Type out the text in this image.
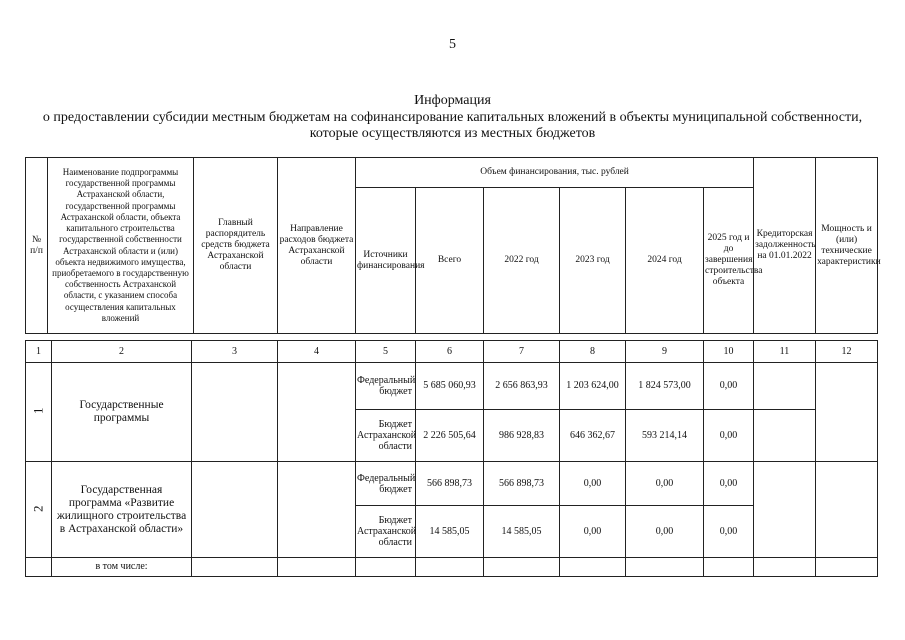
5
Информация
о предоставлении субсидии местным бюджетам на софинансирование капитальных вложений в объекты муниципальной собственности,
которые осуществляются из местных бюджетов
№ п/п	Наименование подпрограммы государственной программы Астраханской области, государственной программы Астраханской области, объекта капитального строительства государственной собственности Астраханской области и (или) объекта недвижимого имущества, приобретаемого в государственную собственность Астраханской области, с указанием способа осуществления капитальных вложений	Главный распорядитель средств бюджета Астраханской области	Направление расходов бюджета Астраханской области	Объем финансирования, тыс. рублей						Кредиторская задолженность на 01.01.2022	Мощность и (или) технические характеристики
				Источники финансирования	Всего	2022 год	2023 год	2024 год	2025 год и до завершения строительства объекта		
1	2	3	4	5	6	7	8	9	10	11	12
1	Государственные программы			Федеральный бюджет	5 685 060,93	2 656 863,93	1 203 624,00	1 824 573,00	0,00		
				Бюджет Астраханской области	2 226 505,64	986 928,83	646 362,67	593 214,14	0,00		
2	Государственная программа «Развитие жилищного строительства в Астраханской области»			Федеральный бюджет	566 898,73	566 898,73	0,00	0,00	0,00		
				Бюджет Астраханской области	14 585,05	14 585,05	0,00	0,00	0,00		
	в том числе:										
